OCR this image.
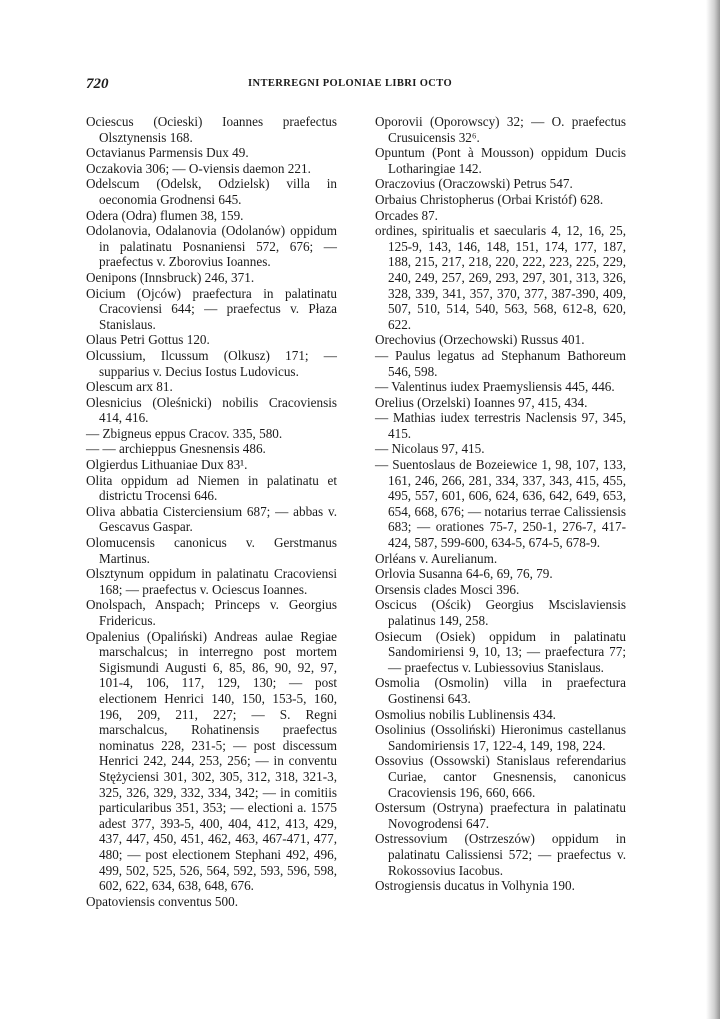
720	INTERREGNI POLONIAE LIBRI OCTO

Ociescus (Ocieski) Ioannes praefectus Olsztynensis 168.

Octavianus Parmensis Dux 49.

Oczakovia 306; — O-viensis daemon 221.

Odelscum (Odelsk, Odzielsk) villa in oeconomia Grodnensi 645.

Odera (Odra) flumen 38, 159.

Odolanovia, Odalanovia (Odolanów) oppidum in palatinatu Posnaniensi 572, 676; — praefectus v. Zborovius Ioannes.

Oenipons (Innsbruck) 246, 371.

Oicium (Ojców) praefectura in palatinatu Cracoviensi 644; — praefectus v. Płaza Stanislaus.

Olaus Petri Gottus 120.

Olcussium, Ilcussum (Olkusz) 171; — supparius v. Decius Iostus Ludovicus.

Olescum arx 81.

Olesnicius (Oleśnicki) nobilis Cracoviensis 414, 416.

— Zbigneus eppus Cracov. 335, 580.

— — archieppus Gnesnensis 486.

Olgierdus Lithuaniae Dux 83¹.

Olita oppidum ad Niemen in palatinatu et districtu Trocensi 646.

Oliva abbatia Cisterciensium 687; — abbas v. Gescavus Gaspar.

Olomucensis canonicus v. Gerstmanus Martinus.

Olsztynum oppidum in palatinatu Cracoviensi 168; — praefectus v. Ociescus Ioannes.

Onolspach, Anspach; Princeps v. Georgius Fridericus.

Opalenius (Opaliński) Andreas aulae Regiae marschalcus; in interregno post mortem Sigismundi Augusti 6, 85, 86, 90, 92, 97, 101-4, 106, 117, 129, 130; — post electionem Henrici 140, 150, 153-5, 160, 196, 209, 211, 227; — S. Regni marschalcus, Rohatinensis praefectus nominatus 228, 231-5; — post discessum Henrici 242, 244, 253, 256; — in conventu Stężyciensi 301, 302, 305, 312, 318, 321-3, 325, 326, 329, 332, 334, 342; — in comitiis particularibus 351, 353; — electioni a. 1575 adest 377, 393-5, 400, 404, 412, 413, 429, 437, 447, 450, 451, 462, 463, 467-471, 477, 480; — post electionem Stephani 492, 496, 499, 502, 525, 526, 564, 592, 593, 596, 598, 602, 622, 634, 638, 648, 676.

Opatoviensis conventus 500.

Oporovii (Oporowscy) 32; — O. praefectus Crusuicensis 32⁶.

Opuntum (Pont à Mousson) oppidum Ducis Lotharingiae 142.

Oraczovius (Oraczowski) Petrus 547.

Orbaius Christopherus (Orbai Kristóf) 628.

Orcades 87.

ordines, spiritualis et saecularis 4, 12, 16, 25, 125-9, 143, 146, 148, 151, 174, 177, 187, 188, 215, 217, 218, 220, 222, 223, 225, 229, 240, 249, 257, 269, 293, 297, 301, 313, 326, 328, 339, 341, 357, 370, 377, 387-390, 409, 507, 510, 514, 540, 563, 568, 612-8, 620, 622.

Orechovius (Orzechowski) Russus 401.

— Paulus legatus ad Stephanum Bathoreum 546, 598.

— Valentinus iudex Praemysliensis 445, 446.

Orelius (Orzelski) Ioannes 97, 415, 434.

— Mathias iudex terrestris Naclensis 97, 345, 415.

— Nicolaus 97, 415.

— Suentoslaus de Bozeiewice 1, 98, 107, 133, 161, 246, 266, 281, 334, 337, 343, 415, 455, 495, 557, 601, 606, 624, 636, 642, 649, 653, 654, 668, 676; — notarius terrae Calissiensis 683; — orationes 75-7, 250-1, 276-7, 417-424, 587, 599-600, 634-5, 674-5, 678-9.

Orléans v. Aurelianum.

Orlovia Susanna 64-6, 69, 76, 79.

Orsensis clades Mosci 396.

Oscicus (Ościk) Georgius Mscislaviensis palatinus 149, 258.

Osiecum (Osiek) oppidum in palatinatu Sandomiriensi 9, 10, 13; — praefectura 77; — praefectus v. Lubiessovius Stanislaus.

Osmolia (Osmolin) villa in praefectura Gostinensi 643.

Osmolius nobilis Lublinensis 434.

Osolinius (Ossoliński) Hieronimus castellanus Sandomiriensis 17, 122-4, 149, 198, 224.

Ossovius (Ossowski) Stanislaus referendarius Curiae, cantor Gnesnensis, canonicus Cracoviensis 196, 660, 666.

Ostersum (Ostryna) praefectura in palatinatu Novogrodensi 647.

Ostressovium (Ostrzeszów) oppidum in palatinatu Calissiensi 572; — praefectus v. Rokossovius Iacobus.

Ostrogiensis ducatus in Volhynia 190.
